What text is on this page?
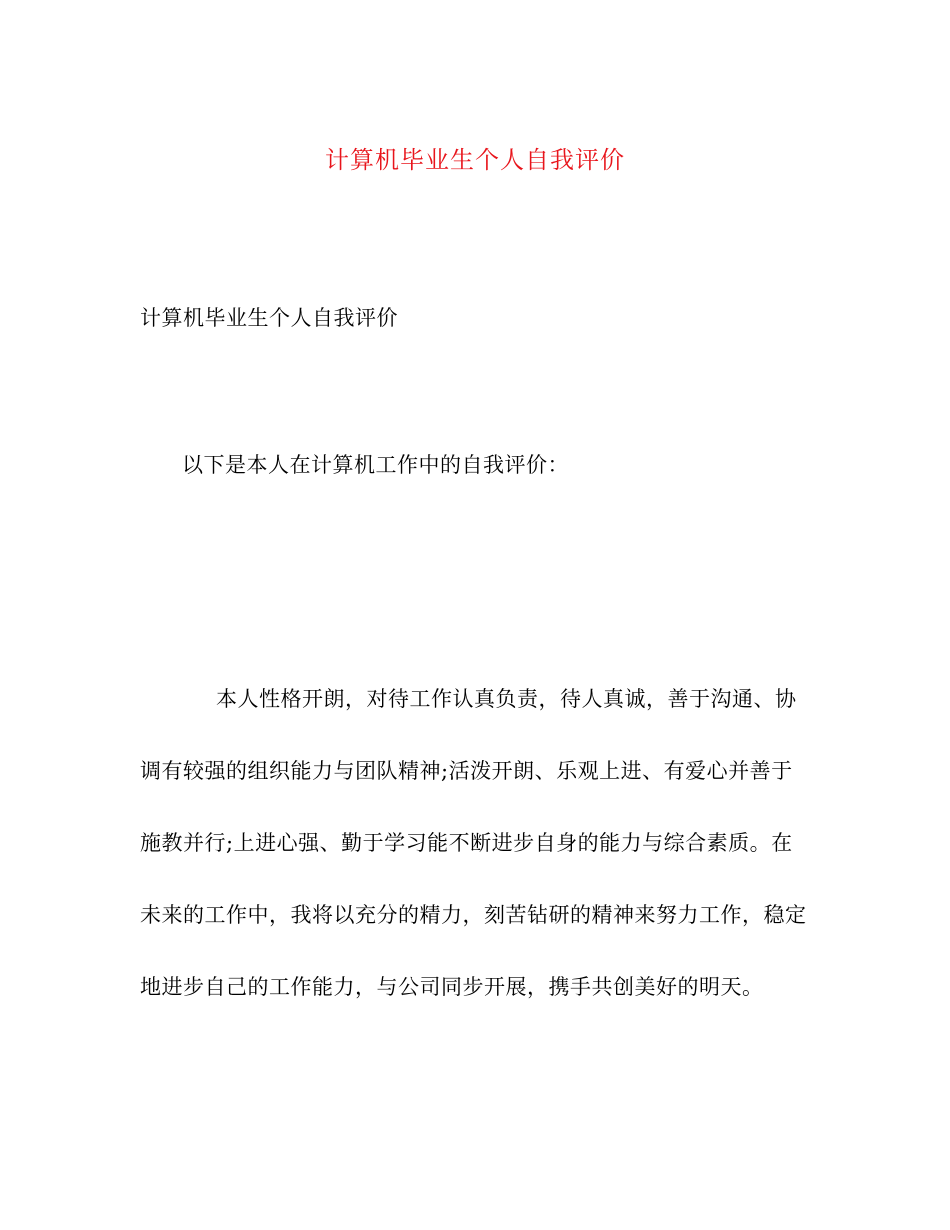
计算机毕业生个人自我评价
计算机毕业生个人自我评价
以下是本人在计算机工作中的自我评价：
本人性格开朗，对待工作认真负责，待人真诚，善于沟通、协
调有较强的组织能力与团队精神;活泼开朗、乐观上进、有爱心并善于
施教并行;上进心强、勤于学习能不断进步自身的能力与综合素质。在
未来的工作中，我将以充分的精力，刻苦钻研的精神来努力工作，稳定
地进步自己的工作能力，与公司同步开展，携手共创美好的明天。
